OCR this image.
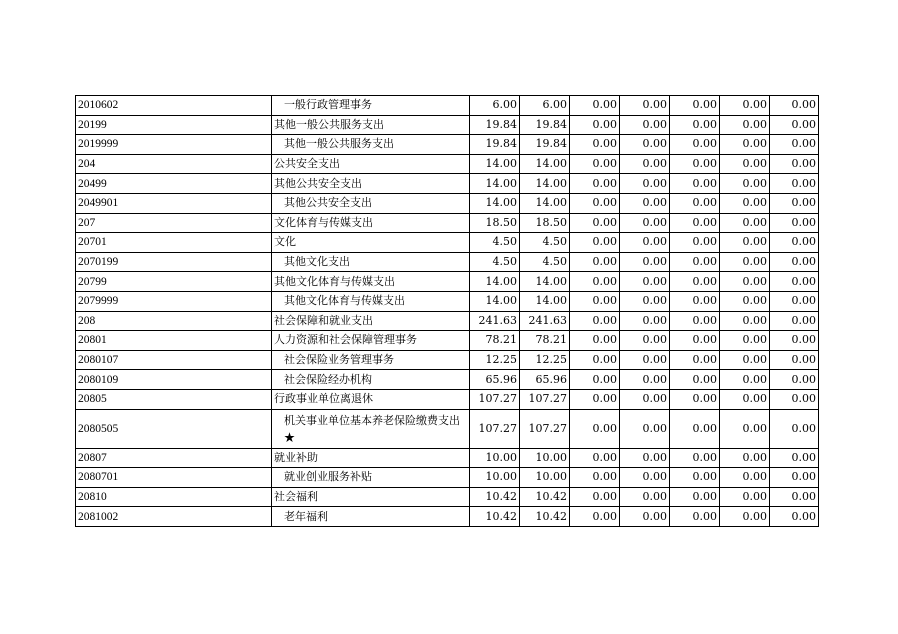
2010602	一般行政管理事务	6.00	6.00	0.00	0.00	0.00	0.00	0.00
20199	其他一般公共服务支出	19.84	19.84	0.00	0.00	0.00	0.00	0.00
2019999	其他一般公共服务支出	19.84	19.84	0.00	0.00	0.00	0.00	0.00
204	公共安全支出	14.00	14.00	0.00	0.00	0.00	0.00	0.00
20499	其他公共安全支出	14.00	14.00	0.00	0.00	0.00	0.00	0.00
2049901	其他公共安全支出	14.00	14.00	0.00	0.00	0.00	0.00	0.00
207	文化体育与传媒支出	18.50	18.50	0.00	0.00	0.00	0.00	0.00
20701	文化	4.50	4.50	0.00	0.00	0.00	0.00	0.00
2070199	其他文化支出	4.50	4.50	0.00	0.00	0.00	0.00	0.00
20799	其他文化体育与传媒支出	14.00	14.00	0.00	0.00	0.00	0.00	0.00
2079999	其他文化体育与传媒支出	14.00	14.00	0.00	0.00	0.00	0.00	0.00
208	社会保障和就业支出	241.63	241.63	0.00	0.00	0.00	0.00	0.00
20801	人力资源和社会保障管理事务	78.21	78.21	0.00	0.00	0.00	0.00	0.00
2080107	社会保险业务管理事务	12.25	12.25	0.00	0.00	0.00	0.00	0.00
2080109	社会保险经办机构	65.96	65.96	0.00	0.00	0.00	0.00	0.00
20805	行政事业单位离退休	107.27	107.27	0.00	0.00	0.00	0.00	0.00
2080505	机关事业单位基本养老保险缴费支出★	107.27	107.27	0.00	0.00	0.00	0.00	0.00
20807	就业补助	10.00	10.00	0.00	0.00	0.00	0.00	0.00
2080701	就业创业服务补贴	10.00	10.00	0.00	0.00	0.00	0.00	0.00
20810	社会福利	10.42	10.42	0.00	0.00	0.00	0.00	0.00
2081002	老年福利	10.42	10.42	0.00	0.00	0.00	0.00	0.00
